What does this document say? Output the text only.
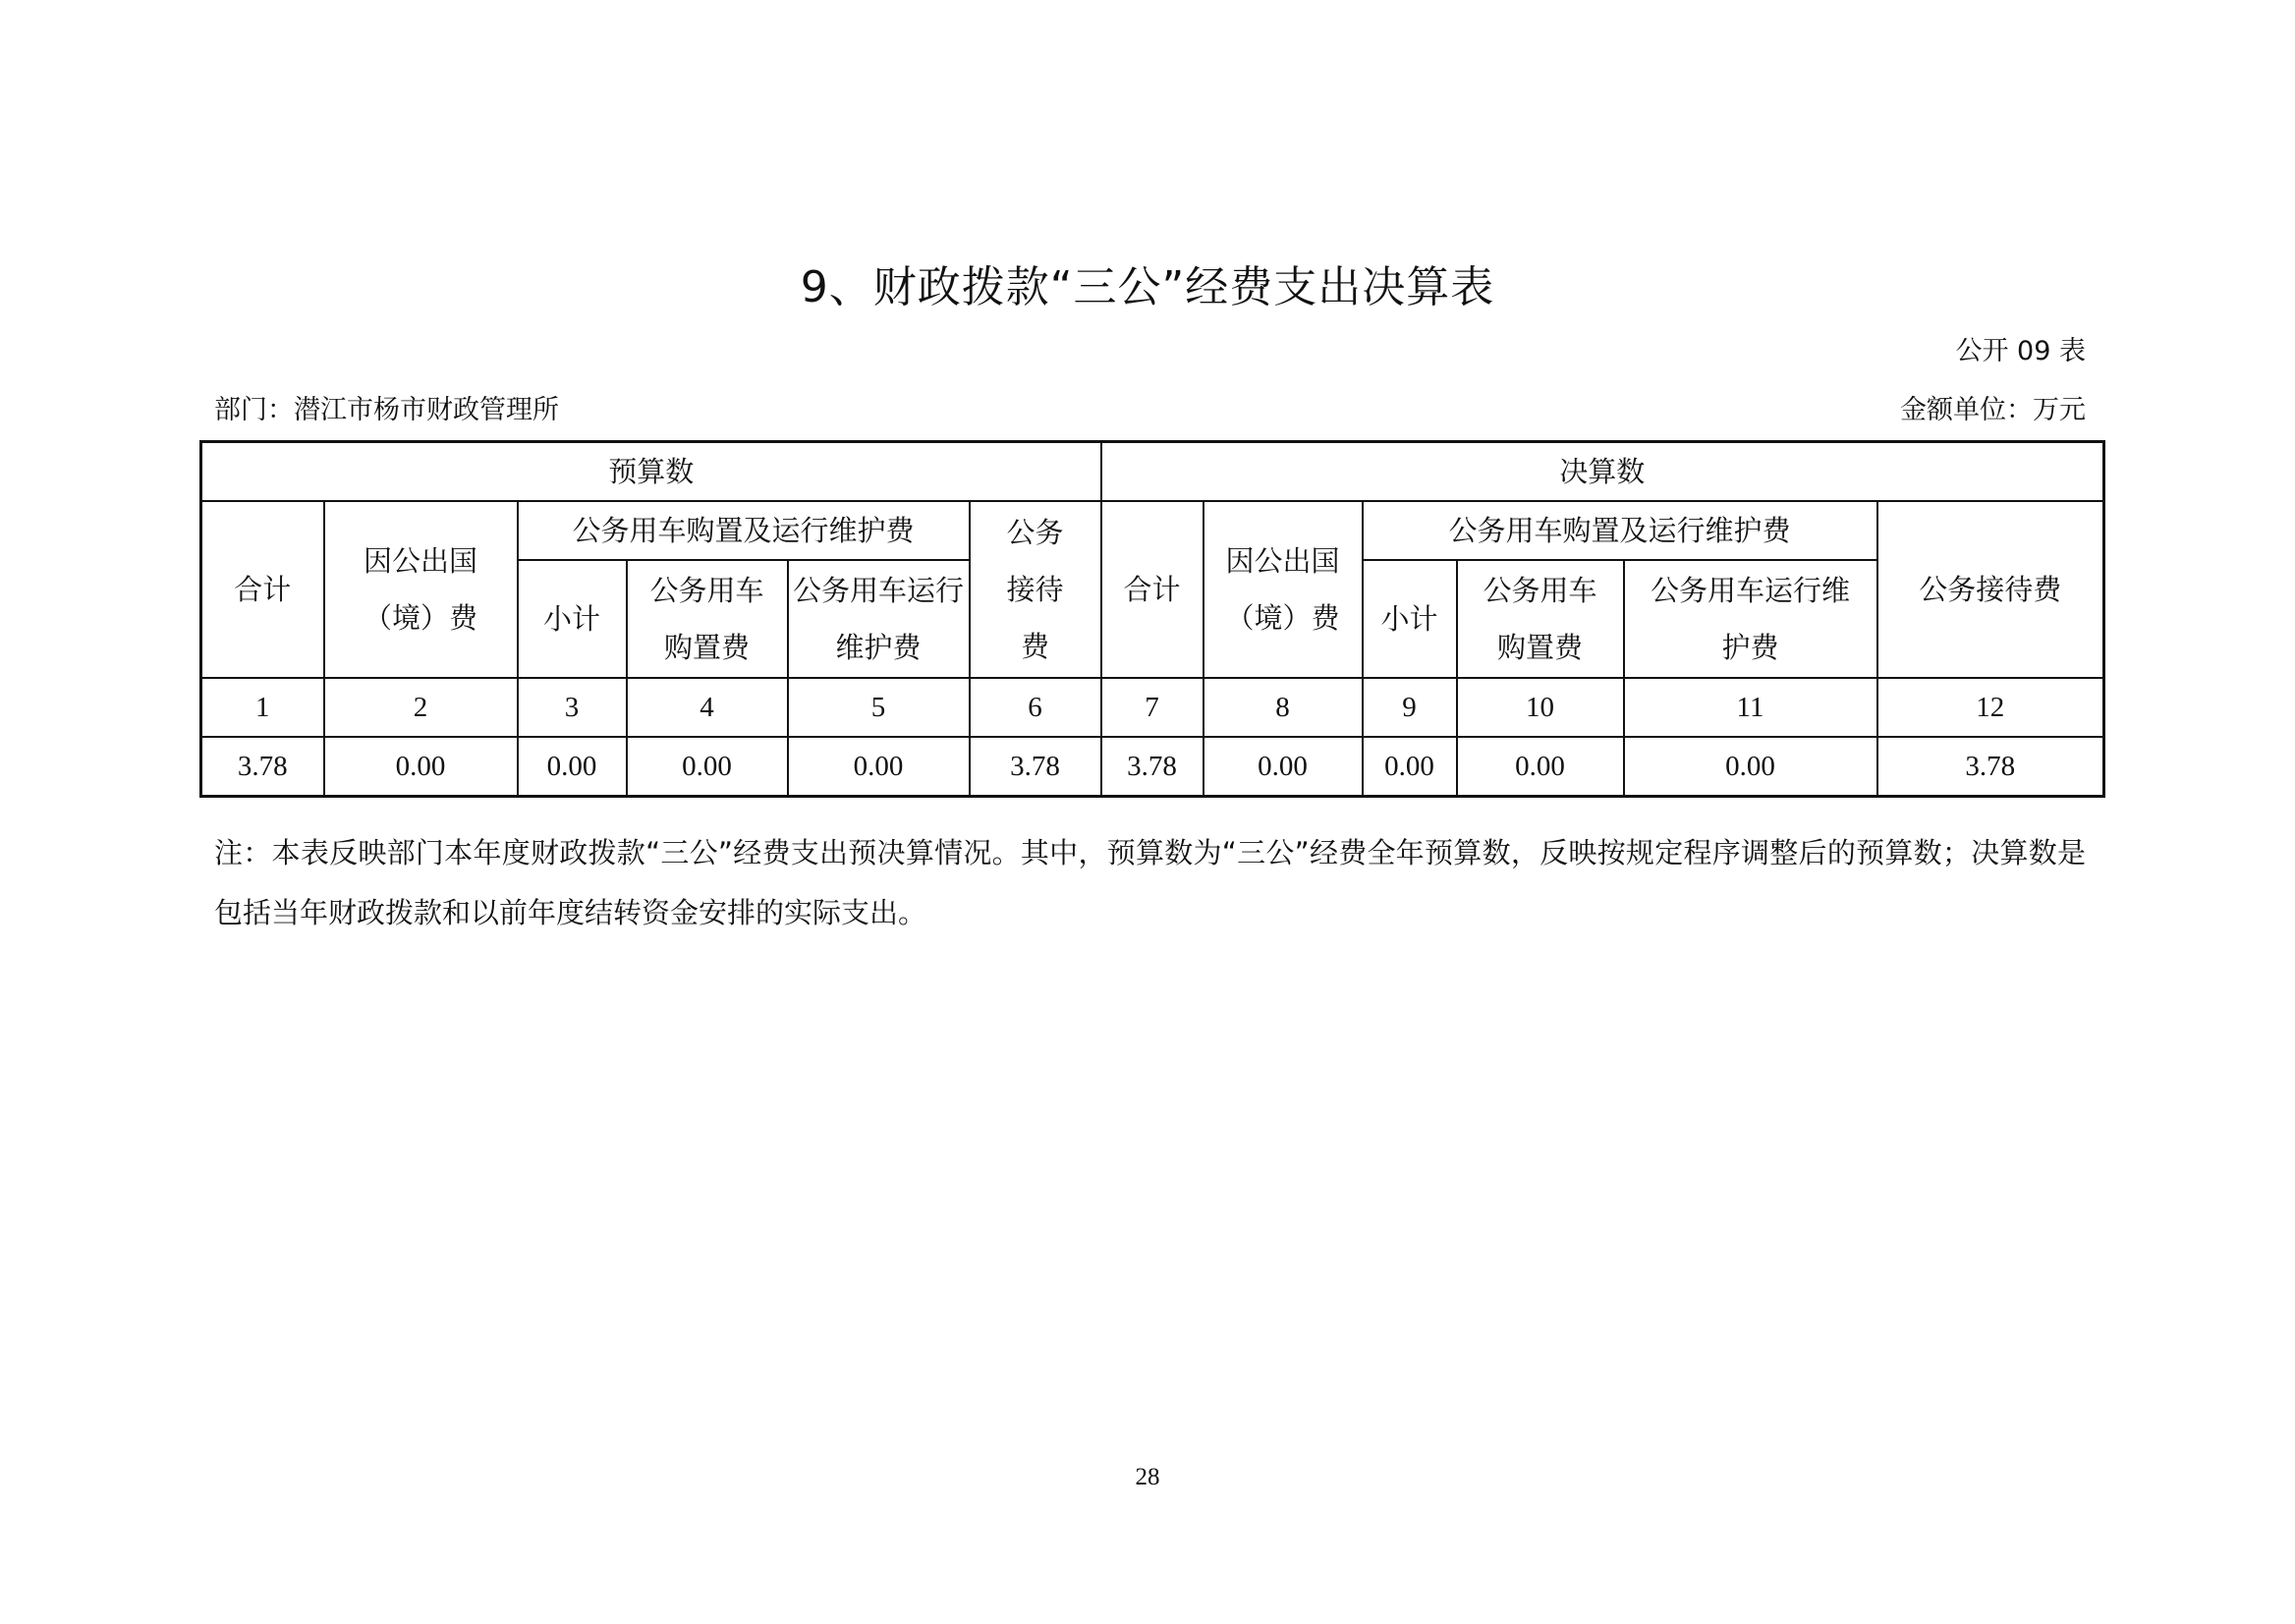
9、财政拨款“三公”经费支出决算表
公开 09 表
部门：潜江市杨市财政管理所	金额单位：万元
预算数						决算数					
合计	因公出国（境）费	公务用车购置及运行维护费			公务接待费	合计	因公出国（境）费	公务用车购置及运行维护费			公务接待费
		小计	公务用车购置费	公务用车运行维护费				小计	公务用车购置费	公务用车运行维护费	
1	2	3	4	5	6	7	8	9	10	11	12
3.78	0.00	0.00	0.00	0.00	3.78	3.78	0.00	0.00	0.00	0.00	3.78
注：本表反映部门本年度财政拨款“三公”经费支出预决算情况。其中，预算数为“三公”经费全年预算数，反映按规定程序调整后的预算数；决算数是包括当年财政拨款和以前年度结转资金安排的实际支出。
28
